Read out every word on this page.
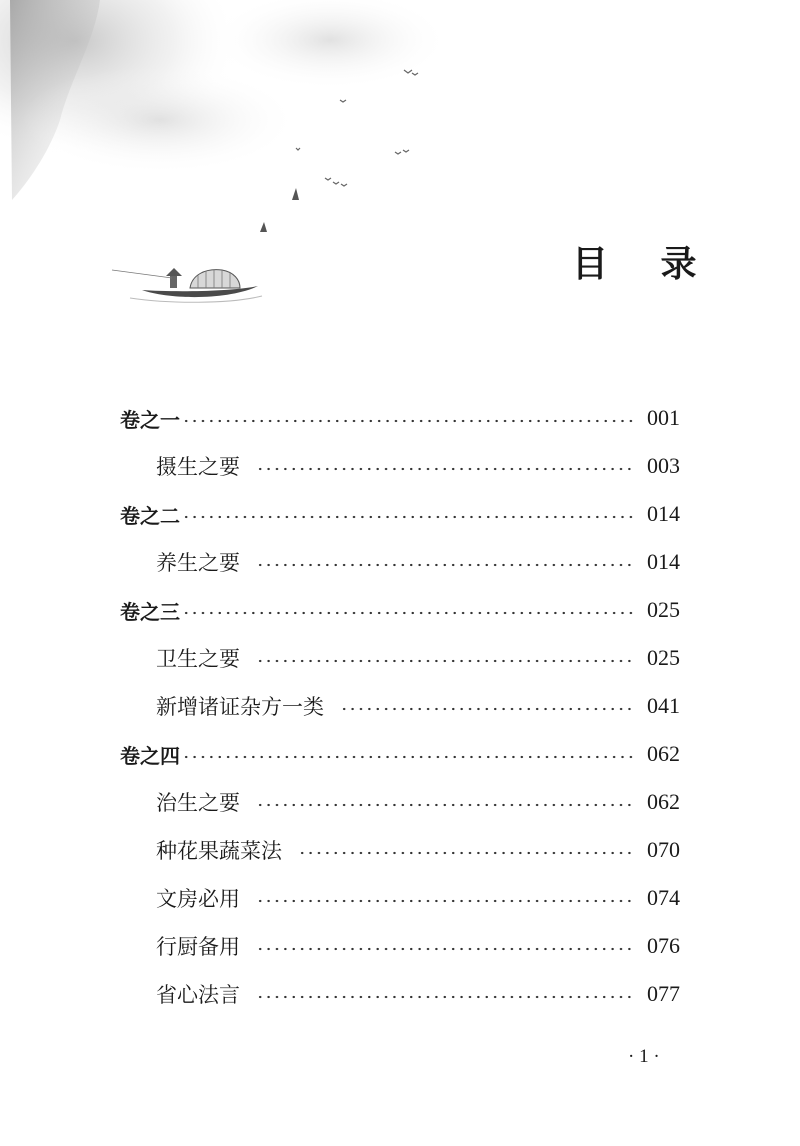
目 录
卷之一	001
摄生之要	003
卷之二	014
养生之要	014
卷之三	025
卫生之要	025
新增诸证杂方一类	041
卷之四	062
治生之要	062
种花果蔬菜法	070
文房必用	074
行厨备用	076
省心法言	077
· 1 ·
